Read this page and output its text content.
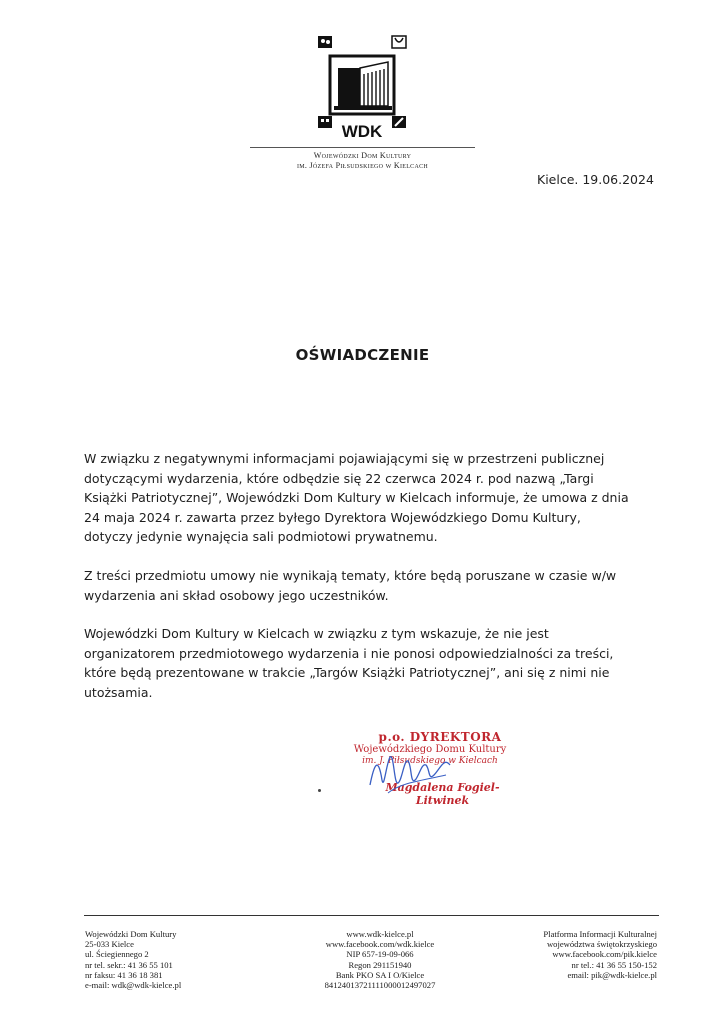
WDK
Wojewódzki Dom Kultury
im. Józefa Piłsudskiego w Kielcach
Kielce. 19.06.2024
OŚWIADCZENIE

W związku z negatywnymi informacjami pojawiającymi się w przestrzeni publicznej dotyczącymi wydarzenia, które odbędzie się 22 czerwca 2024 r. pod nazwą „Targi Książki Patriotycznej”, Wojewódzki Dom Kultury w Kielcach informuje, że umowa z dnia 24 maja 2024 r. zawarta przez byłego Dyrektora Wojewódzkiego Domu Kultury, dotyczy jedynie wynajęcia sali podmiotowi prywatnemu.

Z treści przedmiotu umowy nie wynikają tematy, które będą poruszane w czasie w/w wydarzenia ani skład osobowy jego uczestników.

Wojewódzki Dom Kultury w Kielcach w związku z tym wskazuje, że nie jest organizatorem przedmiotowego wydarzenia i nie ponosi odpowiedzialności za treści, które będą prezentowane w trakcie „Targów Książki Patriotycznej”, ani się z nimi nie utożsamia.

p.o. DYREKTORA
Wojewódzkiego Domu Kultury
im. J. Piłsudskiego w Kielcach
Magdalena Fogiel-Litwinek
Wojewódzki Dom Kultury
25-033 Kielce
ul. Ściegiennego 2
nr tel. sekr.: 41 36 55 101
nr faksu: 41 36 18 381
e-mail: wdk@wdk-kielce.pl
www.wdk-kielce.pl
www.facebook.com/wdk.kielce
NIP 657-19-09-066
Regon 291151940
Bank PKO SA I O/Kielce
84124013721111000012497027
Platforma Informacji Kulturalnej
województwa świętokrzyskiego
www.facebook.com/pik.kielce
nr tel.: 41 36 55 150-152
email: pik@wdk-kielce.pl
